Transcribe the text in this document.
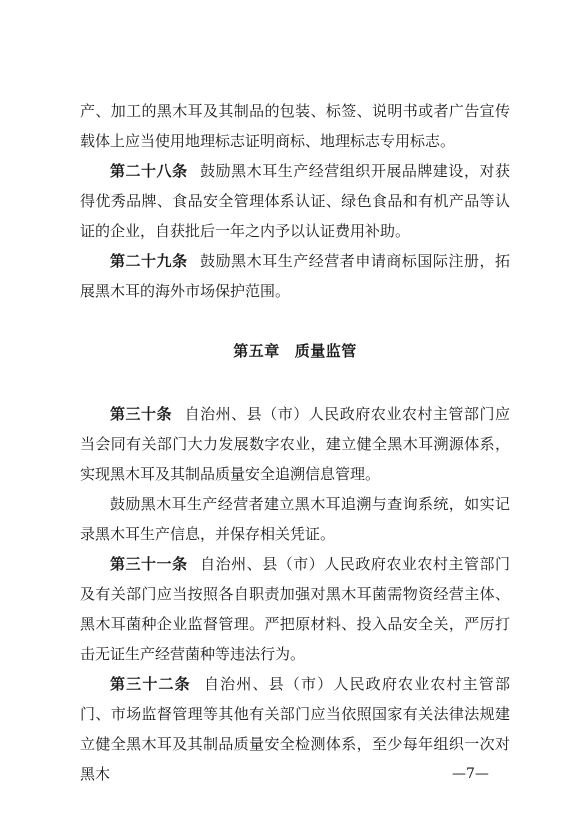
产、加工的黑木耳及其制品的包装、标签、说明书或者广告宣传载体上应当使用地理标志证明商标、地理标志专用标志。

第二十八条 鼓励黑木耳生产经营组织开展品牌建设，对获得优秀品牌、食品安全管理体系认证、绿色食品和有机产品等认证的企业，自获批后一年之内予以认证费用补助。

第二十九条 鼓励黑木耳生产经营者申请商标国际注册，拓展黑木耳的海外市场保护范围。

第五章 质量监管

第三十条 自治州、县（市）人民政府农业农村主管部门应当会同有关部门大力发展数字农业，建立健全黑木耳溯源体系，实现黑木耳及其制品质量安全追溯信息管理。

鼓励黑木耳生产经营者建立黑木耳追溯与查询系统，如实记录黑木耳生产信息，并保存相关凭证。

第三十一条 自治州、县（市）人民政府农业农村主管部门及有关部门应当按照各自职责加强对黑木耳菌需物资经营主体、黑木耳菌种企业监督管理。严把原材料、投入品安全关，严厉打击无证生产经营菌种等违法行为。

第三十二条 自治州、县（市）人民政府农业农村主管部门、市场监督管理等其他有关部门应当依照国家有关法律法规建立健全黑木耳及其制品质量安全检测体系，至少每年组织一次对黑木	—7—
